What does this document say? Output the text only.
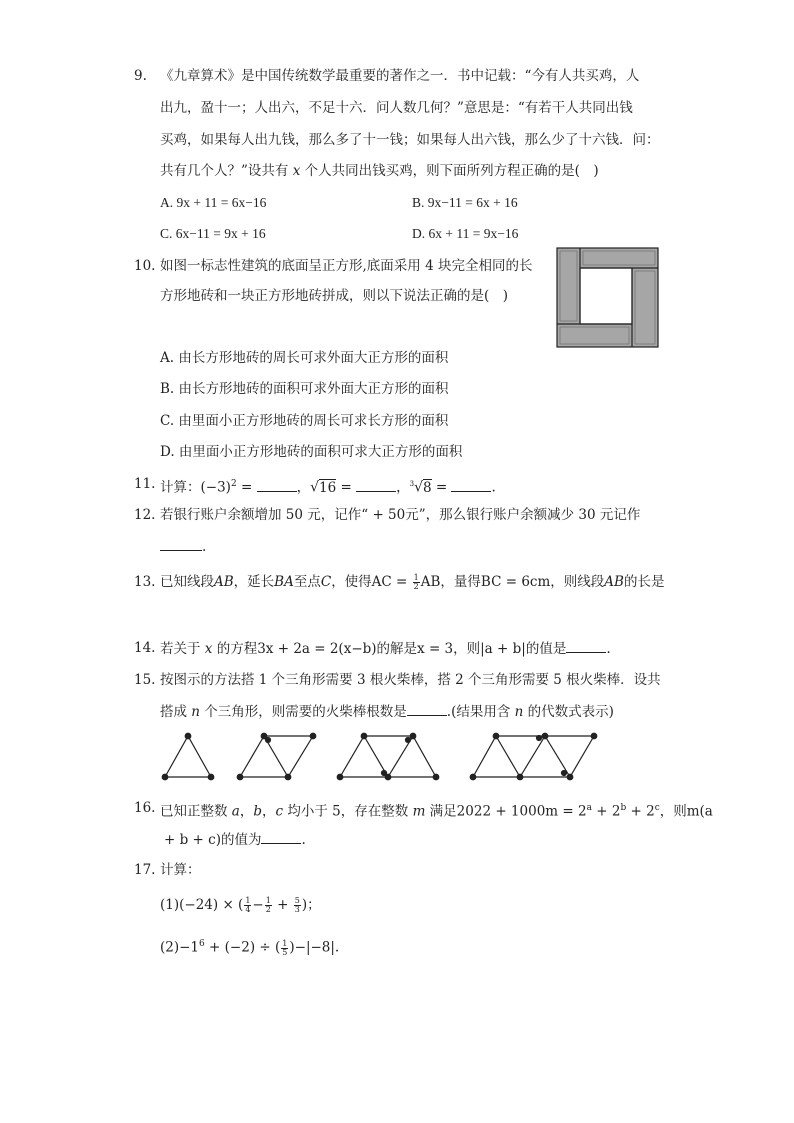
9. 《九章算术》是中国传统数学最重要的著作之一．书中记载：“今有人共买鸡，人
出九，盈十一；人出六，不足十六．问人数几何？”意思是：“有若干人共同出钱
买鸡，如果每人出九钱，那么多了十一钱；如果每人出六钱，那么少了十六钱．问：
共有几个人？”设共有 x 个人共同出钱买鸡，则下面所列方程正确的是(　)
A. 9x + 11 = 6x−16	B. 9x−11 = 6x + 16
C. 6x−11 = 9x + 16	D. 6x + 11 = 9x−16
10. 如图一标志性建筑的底面呈正方形,底面采用 4 块完全相同的长
方形地砖和一块正方形地砖拼成，则以下说法正确的是(　)
A. 由长方形地砖的周长可求外面大正方形的面积
B. 由长方形地砖的面积可求外面大正方形的面积
C. 由里面小正方形地砖的周长可求长方形的面积
D. 由里面小正方形地砖的面积可求大正方形的面积
11. 计算：$(-3)^2$ =	，√16 =	，$^3$√8 =	.
12. 若银行账户余额增加 50 元，记作“ + 50元”，那么银行账户余额减少 30 元记作
.
13. 已知线段AB，延长BA至点C，使得AC = $\frac{1}{2}$ AB，量得BC = 6cm，则线段AB的长是
14. 若关于 x 的方程3x + 2a = 2(x−b)的解是x = 3，则|a + b|的值是	.
15. 按图示的方法搭 1 个三角形需要 3 根火柴棒，搭 2 个三角形需要 5 根火柴棒．设共
搭成 n 个三角形，则需要的火柴棒根数是	.(结果用含 n 的代数式表示)
16. 已知正整数 a，b，c 均小于 5，存在整数 m 满足$2022 + 1000m = 2^a + 2^b + 2^c$，则m(a
+ b + c)的值为	.
17. 计算：
(1)(−24) × ( $\frac{1}{4} - \frac{1}{2} + \frac{5}{3}$ )；
$(2)-1^6 + (-2)$ ÷ ( $\frac{1}{5} )-|-8|$.
